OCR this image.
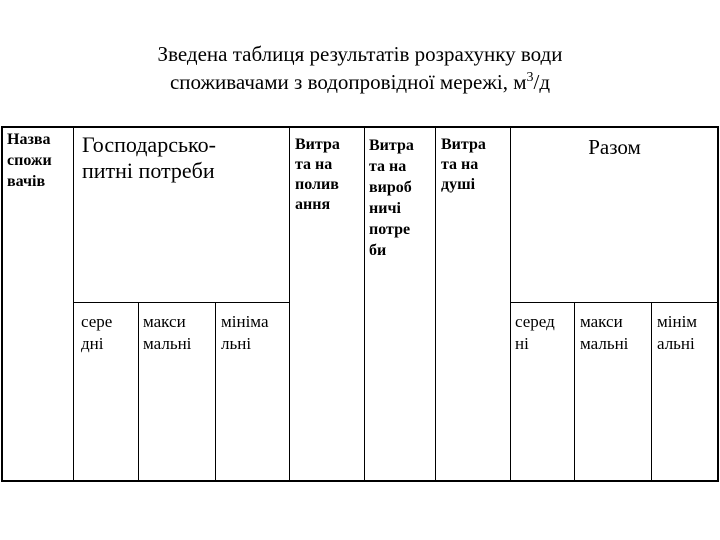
Зведена таблиця результатів розрахунку води
споживачами з водопровідної мережі, $м^3/д$
Назва
спожи
вачів
Господарсько-
питні потреби
сере
дні
макси
мальні
мініма
льні
Витра
та на
полив
ання
Витра
та на
вироб
ничі
потре
би
Витра
та на
душі
Разом
серед
ні
макси
мальні
мінім
альні
